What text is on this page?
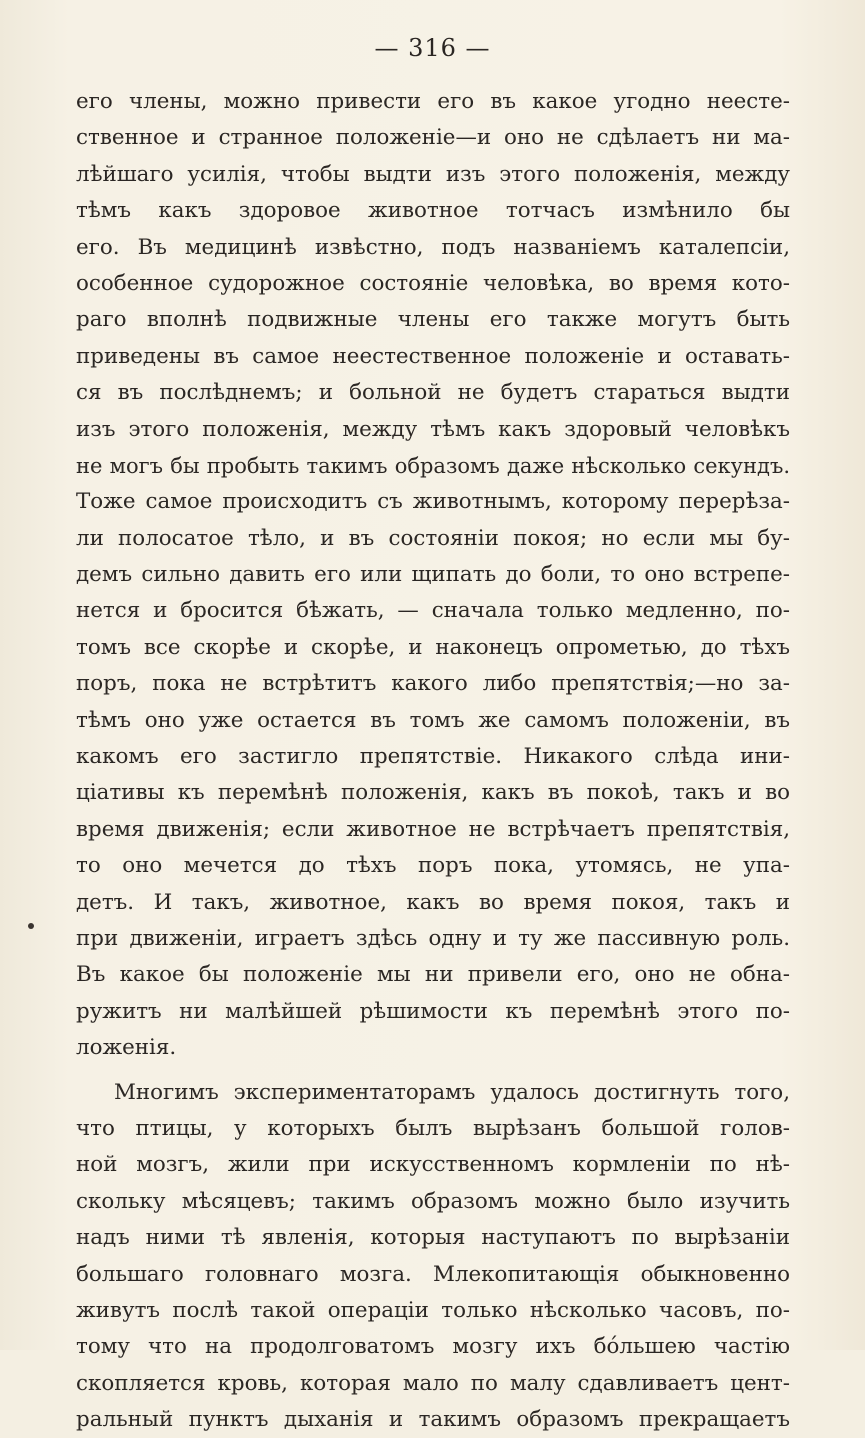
— 316 —
его члены, можно привести его въ какое угодно неесте-
ственное и странное положеніе—и оно не сдѣлаетъ ни ма-
лѣйшаго усилія, чтобы выдти изъ этого положенія, между
тѣмъ какъ здоровое животное тотчасъ измѣнило бы
его. Въ медицинѣ извѣстно, подъ названіемъ каталепсіи,
особенное судорожное состояніе человѣка, во время кото-
раго вполнѣ подвижные члены его также могутъ быть
приведены въ самое неестественное положеніе и оставать-
ся въ послѣднемъ; и больной не будетъ стараться выдти
изъ этого положенія, между тѣмъ какъ здоровый человѣкъ
не могъ бы пробыть такимъ образомъ даже нѣсколько секундъ.
Тоже самое происходитъ съ животнымъ, которому перерѣза-
ли полосатое тѣло, и въ состояніи покоя; но если мы бу-
демъ сильно давить его или щипать до боли, то оно встрепе-
нется и бросится бѣжать, — сначала только медленно, по-
томъ все скорѣе и скорѣе, и наконецъ опрометью, до тѣхъ
поръ, пока не встрѣтитъ какого либо препятствія;—но за-
тѣмъ оно уже остается въ томъ же самомъ положеніи, въ
какомъ его застигло препятствіе. Никакого слѣда ини-
ціативы къ перемѣнѣ положенія, какъ въ покоѣ, такъ и во
время движенія; если животное не встрѣчаетъ препятствія,
то оно мечется до тѣхъ поръ пока, утомясь, не упа-
детъ. И такъ, животное, какъ во время покоя, такъ и
при движеніи, играетъ здѣсь одну и ту же пассивную роль.
Въ какое бы положеніе мы ни привели его, оно не обна-
ружитъ ни малѣйшей рѣшимости къ перемѣнѣ этого по-
ложенія.
Многимъ экспериментаторамъ удалось достигнуть того,
что птицы, у которыхъ былъ вырѣзанъ большой голов-
ной мозгъ, жили при искусственномъ кормленіи по нѣ-
скольку мѣсяцевъ; такимъ образомъ можно было изучить
надъ ними тѣ явленія, которыя наступаютъ по вырѣзаніи
большаго головнаго мозга. Млекопитающія обыкновенно
живутъ послѣ такой операціи только нѣсколько часовъ, по-
тому что на продолговатомъ мозгу ихъ бо́льшею частію
скопляется кровь, которая мало по малу сдавливаетъ цент-
ральный пунктъ дыханія и такимъ образомъ прекращаетъ
